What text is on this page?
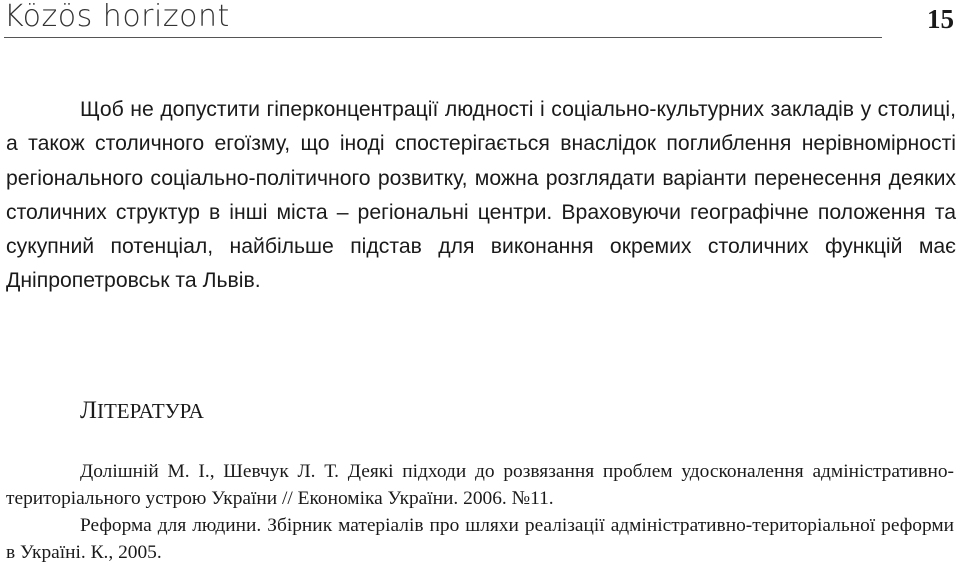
Közös horizont	15

Щоб не допустити гіперконцентрації людності і соціально-культурних закладів у столиці, а також столичного егоїзму, що іноді спостерігається внаслідок поглиблення нерівномірності регіонального соціально-політичного розвитку, можна розглядати варіанти перенесення деяких столичних структур в інші міста – регіональні центри. Враховуючи географічне положення та сукупний потенціал, найбільше підстав для виконання окремих столичних функцій має Дніпропетровськ та Львів.

ЛІТЕРАТУРА
Долішній М. І., Шевчук Л. Т. Деякі підходи до розвязання проблем удосконалення адміністративно-територіального устрою України // Економіка України. 2006. №11.
Реформа для людини. Збірник матеріалів про шляхи реалізації адміністративно-територіальної реформи в Україні. К., 2005.
